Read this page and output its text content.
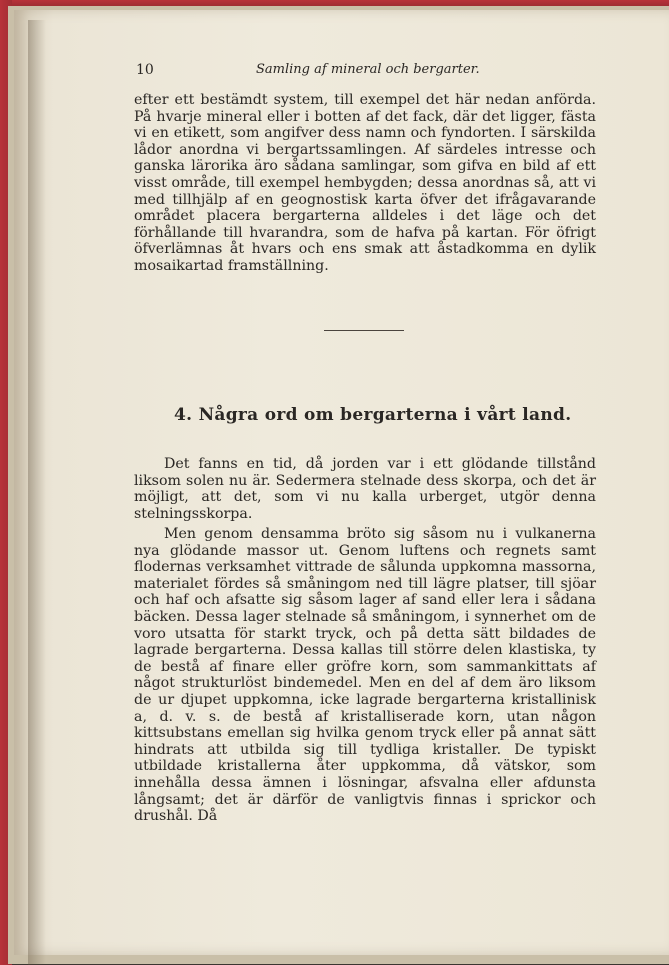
10	Samling af mineral och bergarter.

efter ett bestämdt system, till exempel det här nedan anförda. På hvarje mineral eller i botten af det fack, där det ligger, fästa vi en etikett, som angifver dess namn och fyndorten. I särskilda lådor anordna vi bergartssamlingen. Af särdeles intresse och ganska lärorika äro sådana samlingar, som gifva en bild af ett visst område, till exempel hembygden; dessa anordnas så, att vi med tillhjälp af en geognostisk karta öfver det ifrågavarande området placera bergarterna alldeles i det läge och det förhållande till hvarandra, som de hafva på kartan. För öfrigt öfverlämnas åt hvars och ens smak att åstadkomma en dylik mosaikartad framställning.

4. Några ord om bergarterna i vårt land.

Det fanns en tid, då jorden var i ett glödande tillstånd liksom solen nu är. Sedermera stelnade dess skorpa, och det är möjligt, att det, som vi nu kalla urberget, utgör denna stelningsskorpa.

Men genom densamma bröto sig såsom nu i vulkanerna nya glödande massor ut. Genom luftens och regnets samt flodernas verksamhet vittrade de sålunda uppkomna massorna, materialet fördes så småningom ned till lägre platser, till sjöar och haf och afsatte sig såsom lager af sand eller lera i sådana bäcken. Dessa lager stelnade så småningom, i synnerhet om de voro utsatta för starkt tryck, och på detta sätt bildades de lagrade bergarterna. Dessa kallas till större delen klastiska, ty de bestå af finare eller gröfre korn, som sammankittats af något strukturlöst bindemedel. Men en del af dem äro liksom de ur djupet uppkomna, icke lagrade bergarterna kristallinisk a, d. v. s. de bestå af kristalliserade korn, utan någon kittsubstans emellan sig hvilka genom tryck eller på annat sätt hindrats att utbilda sig till tydliga kristaller. De typiskt utbildade kristallerna åter uppkomma, då vätskor, som innehålla dessa ämnen i lösningar, afsvalna eller afdunsta långsamt; det är därför de vanligtvis finnas i sprickor och drushål. Då
